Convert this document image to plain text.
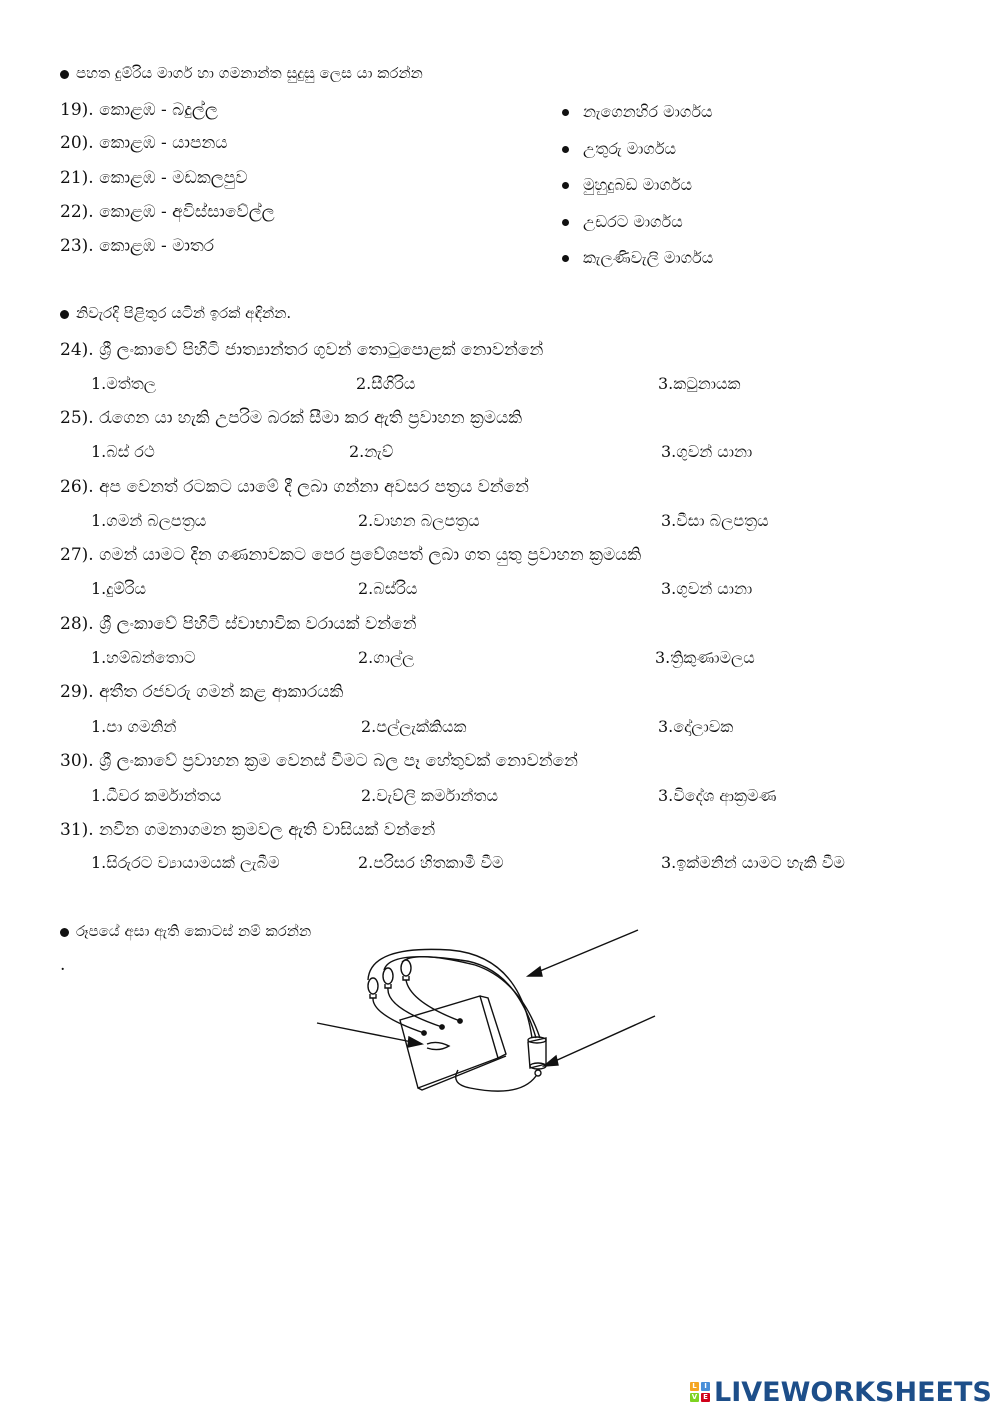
පහත දුම්රිය මාර්ග හා ගමනාන්ත සුදුසු ලෙස යා කරන්න
19). කොළඹ - බදුල්ල
20). කොළඹ - යාපනය
21). කොළඹ - මඩකලපුව
22). කොළඹ - අවිස්සාවේල්ල
23). කොළඹ - මාතර
නැගෙනහිර මාර්ගය
උතුරු මාර්ගය
මුහුදුබඩ මාර්ගය
උඩරට මාර්ගය
කැලණිවැලි මාර්ගය
නිවැරදි පිළිතුර යටින් ඉරක් අඳින්න.
24). ශ්‍රී ලංකාවේ පිහිටි ජාත්‍යාන්තර ගුවන් තොටුපොළක් නොවන්නේ
1.මත්තල	2.සීගිරිය	3.කටුනායක
25). රැගෙන යා හැකි උපරිම බරක් සීමා කර ඇති ප්‍රවාහන ක්‍රමයකි
1.බස් රථ	2.නැව්	3.ගුවන් යානා
26). අප වෙනත් රටකට යාමේ දී ලබා ගන්නා අවසර පත්‍රය වන්නේ
1.ගමන් බලපත්‍රය	2.වාහන බලපත්‍රය	3.වීසා බලපත්‍රය
27). ගමන් යාමට දින ගණනාවකට පෙර ප්‍රවේශපත් ලබා ගත යුතු ප්‍රවාහන ක්‍රමයකි
1.දුම්රිය	2.බස්රිය	3.ගුවන් යානා
28). ශ්‍රී ලංකාවේ පිහිටි ස්වාභාවික වරායක් වන්නේ
1.හම්බන්තොට	2.ගාල්ල	3.ත්‍රිකුණාමලය
29). අතීත රජවරු ගමන් කළ ආකාරයකි
1.පා ගමනින්	2.පල්ලැක්කියක	3.දෝලාවක
30). ශ්‍රී ලංකාවේ ප්‍රවාහන ක්‍රම වෙනස් වීමට බල පෑ හේතුවක් නොවන්නේ
1.ධීවර කර්මාන්තය	2.වැව්ලි කර්මාන්තය	3.විදේශ ආක්‍රමණ
31). නවීන ගමනාගමන ක්‍රමවල ඇති වාසියක් වන්නේ
1.සිරුරට ව්‍යායාමයක් ලැබීම	2.පරිසර හිතකාමී වීම	3.ඉක්මනින් යාමට හැකි වීම
රූපයේ අසා ඇති කොටස් නම් කරන්න
.
L	I
V E LIVEWORKSHEETS
